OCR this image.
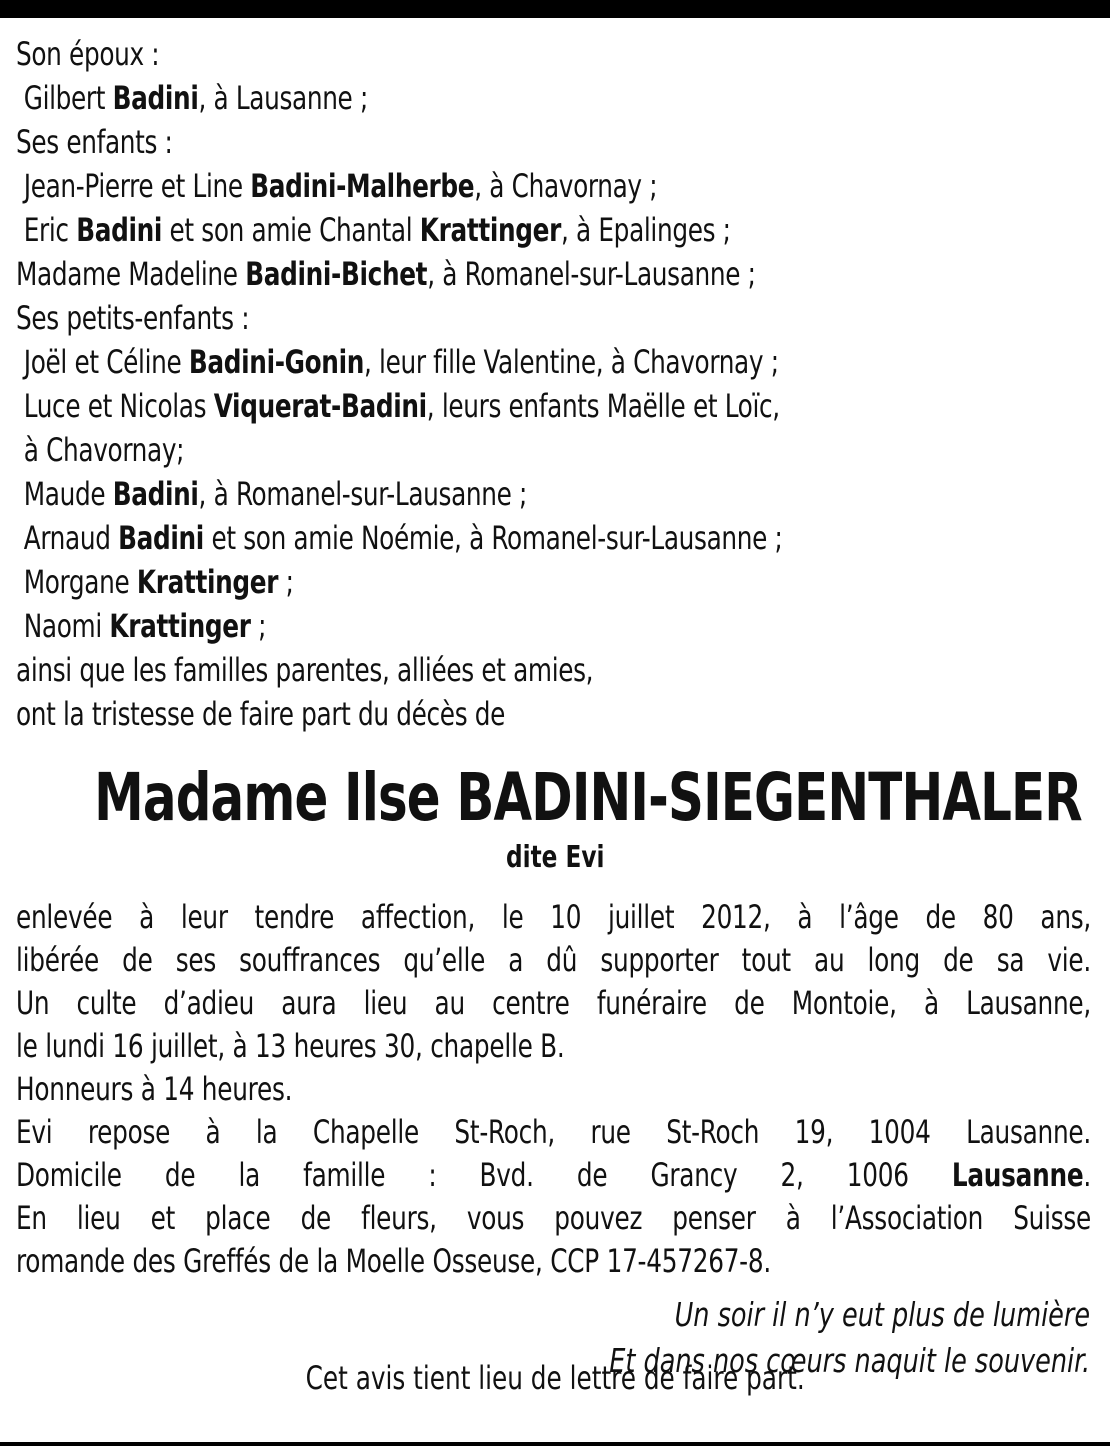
Son époux :
Gilbert Badini, à Lausanne ;
Ses enfants :
Jean-Pierre et Line Badini-Malherbe, à Chavornay ;
Eric Badini et son amie Chantal Krattinger, à Epalinges ;
Madame Madeline Badini-Bichet, à Romanel-sur-Lausanne ;
Ses petits-enfants :
Joël et Céline Badini-Gonin, leur fille Valentine, à Chavornay ;
Luce et Nicolas Viquerat-Badini, leurs enfants Maëlle et Loïc,
à Chavornay;
Maude Badini, à Romanel-sur-Lausanne ;
Arnaud Badini et son amie Noémie, à Romanel-sur-Lausanne ;
Morgane Krattinger ;
Naomi Krattinger ;
ainsi que les familles parentes, alliées et amies,
ont la tristesse de faire part du décès de
Madame Ilse BADINI-SIEGENTHALER
dite Evi
enlevée à leur tendre affection, le 10 juillet 2012, à l’âge de 80 ans,
libérée de ses souffrances qu’elle a dû supporter tout au long de sa vie.
Un culte d’adieu aura lieu au centre funéraire de Montoie, à Lausanne,
le lundi 16 juillet, à 13 heures 30, chapelle B.
Honneurs à 14 heures.
Evi repose à la Chapelle St-Roch, rue St-Roch 19, 1004 Lausanne.
Domicile de la famille : Bvd. de Grancy 2, 1006 Lausanne.
En lieu et place de fleurs, vous pouvez penser à l’Association Suisse
romande des Greffés de la Moelle Osseuse, CCP 17-457267-8.
Un soir il n’y eut plus de lumière
Et dans nos cœurs naquit le souvenir.
Cet avis tient lieu de lettre de faire part.
